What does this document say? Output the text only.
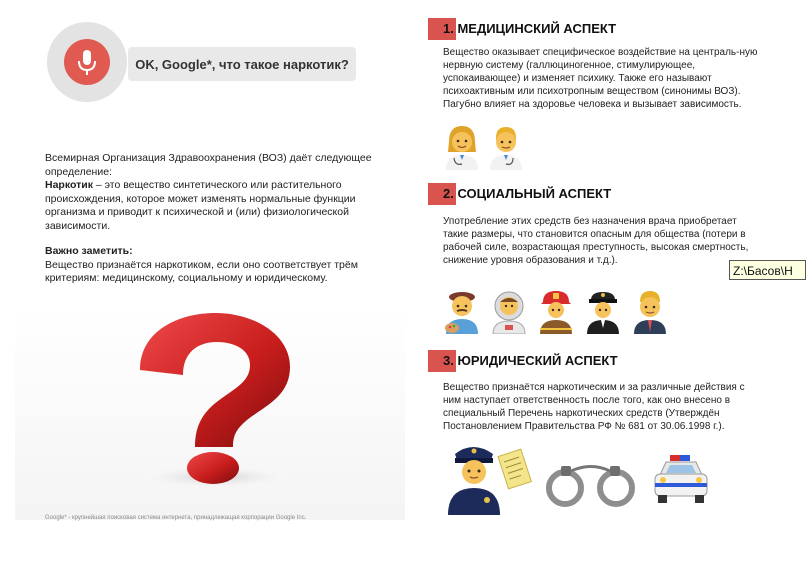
OK, Google*, что такое наркотик?

Всемирная Организация Здравоохранения (ВОЗ) даёт следующее определение:

Наркотик – это вещество синтетического или растительного происхождения, которое может изменять нормальные функции организма и приводит к психической и (или) физиологической зависимости.

Важно заметить:

Вещество признаётся наркотиком, если оно соответствует трём критериям: медицинскому, социальному и юридическому.

Google* - крупнейшая поисковая система интернета, принадлежащая корпорации Google Inc.
1. МЕДИЦИНСКИЙ АСПЕКТ

Вещество оказывает специфическое воздействие на централь-ную нервную систему (галлюциногенное, стимулирующее, успокаивающее) и изменяет психику. Также его называют психоактивным или психотропным веществом (синонимы ВОЗ). Пагубно влияет на здоровье человека и вызывает зависимость.

2. СОЦИАЛЬНЫЙ АСПЕКТ

Употребление этих средств без назначения врача приобретает такие размеры, что становится опасным для общества (потери в рабочей силе, возрастающая преступность, высокая смертность, снижение уровня образования и т.д.).

3. ЮРИДИЧЕСКИЙ АСПЕКТ

Вещество признаётся наркотическим и за различные действия с ним наступает ответственность после того, как оно внесено в специальный Перечень наркотических средств (Утверждён Постановлением Правительства РФ № 681 от 30.06.1998 г.).

Z:\Басов\Н
